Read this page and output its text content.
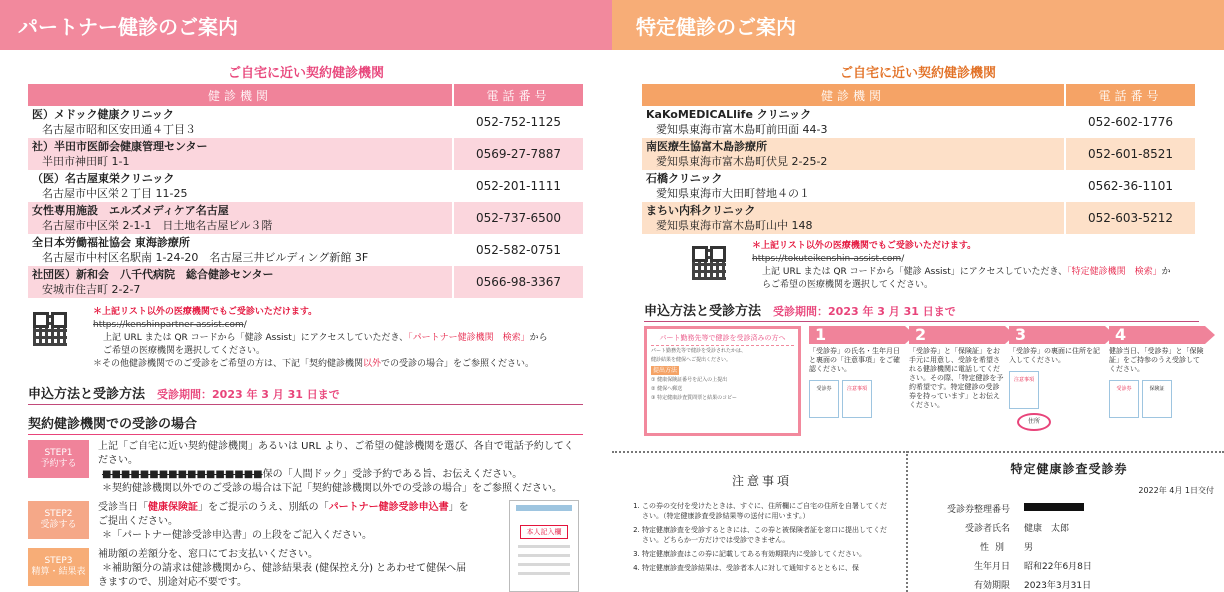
パートナー健診のご案内
ご自宅に近い契約健診機関
健診機関	電話番号

医）メドック健康クリニック
名古屋市昭和区安田通４丁目３	052-752-1125

社）半田市医師会健康管理センター
半田市神田町 1-1	0569-27-7887

（医）名古屋東栄クリニック
名古屋市中区栄２丁目 11-25	052-201-1111

女性専用施設　エルズメディケア名古屋
名古屋市中区栄 2-1-1　日土地名古屋ビル３階	052-737-6500

全日本労働福祉協会 東海診療所
名古屋市中村区名駅南 1-24-20　名古屋三井ビルディング新館 3F	052-582-0751

社団医）新和会　八千代病院　総合健診センター
安城市住吉町 2-2-7	0566-98-3367
＊上記リスト以外の医療機関でもご受診いただけます。
https://kenshinpartner-assist.com/
上記 URL または QR コードから「健診 Assist」にアクセスしていただき、「パートナー健診機関　検索」から
ご希望の医療機関を選択してください。
＊その他健診機関でのご受診をご希望の方は、下記「契約健診機関以外での受診の場合」をご参照ください。
申込方法と受診方法 受診期間：2023 年 3 月 31 日まで
契約健診機関での受診の場合
STEP1
予約する
上記「ご自宅に近い契約健診機関」あるいは URL より、ご希望の健診機関を選び、各自で電話予約してく
ださい。
■■■■■■■■■■■■■■■■■保の「人間ドック」受診予約である旨、お伝えください。
＊契約健診機関以外でのご受診の場合は下記「契約健診機関以外での受診の場合」をご参照ください。
STEP2
受診する
受診当日「健康保険証」をご提示のうえ、別紙の「パートナー健診受診申込書」を
ご提出ください。
＊「パートナー健診受診申込書」の上段をご記入ください。
STEP3
精算・結果表
補助額の差額分を、窓口にてお支払いください。
＊補助額分の請求は健診機関から、健診結果表 (健保控え分) とあわせて健保へ届
きますので、別途対応不要です。
本人記入欄
特定健診のご案内
ご自宅に近い契約健診機関
健診機関	電話番号

KaKoMEDICALlife クリニック
愛知県東海市富木島町前田面 44-3	052-602-1776

南医療生協富木島診療所
愛知県東海市富木島町伏見 2-25-2	052-601-8521

石橋クリニック
愛知県東海市大田町替地４の１	0562-36-1101

まちい内科クリニック
愛知県東海市富木島町山中 148	052-603-5212
＊上記リスト以外の医療機関でもご受診いただけます。
https://tokuteikenshin-assist.com/
上記 URL または QR コードから「健診 Assist」にアクセスしていただき、「特定健診機関　検索」か
らご希望の医療機関を選択してください。
申込方法と受診方法 受診期間：2023 年 3 月 31 日まで
パート勤務先等で健診を受診済みの方へ
パート勤務先等で健診を受診されたかは、
健診結果を健保へご提出ください。
提出方法
① 健康保険証番号を記入の上提出
② 健保へ郵送
③ 特定健康診査質問票と結果のコピー
1
「受診券」の氏名・生年月日と裏面の「注意事項」をご確認ください。
受診券	注意事項
2
「受診券」と「保険証」をお手元に用意し、受診を希望される健診機関に電話してください。その際、「特定健診を予約希望です。特定健診の受診券を持っています」とお伝えください。
3
「受診券」の裏面に住所を記入してください。
注意事項
住所
4
健診当日、「受診券」と「保険証」をご持参のうえ受診してください。
受診券	保険証
注意事項
1. この券の交付を受けたときは、すぐに、住所欄にご自宅の住所を自署してください。（特定健康診査受診結果等の送付に用います。）
2. 特定健康診査を受診するときには、この券と被保険者証を窓口に提出してください。どちらか一方だけでは受診できません。
3. 特定健康診査はこの券に記載してある有効期限内に受診してください。
4. 特定健康診査受診結果は、受診者本人に対して通知するとともに、保
特定健康診査受診券
2022年 4月 1日交付
受診券整理番号
受診者氏名	健康　太郎
性別	男
生年月日	昭和22年6月8日
有効期限	2023年3月31日
